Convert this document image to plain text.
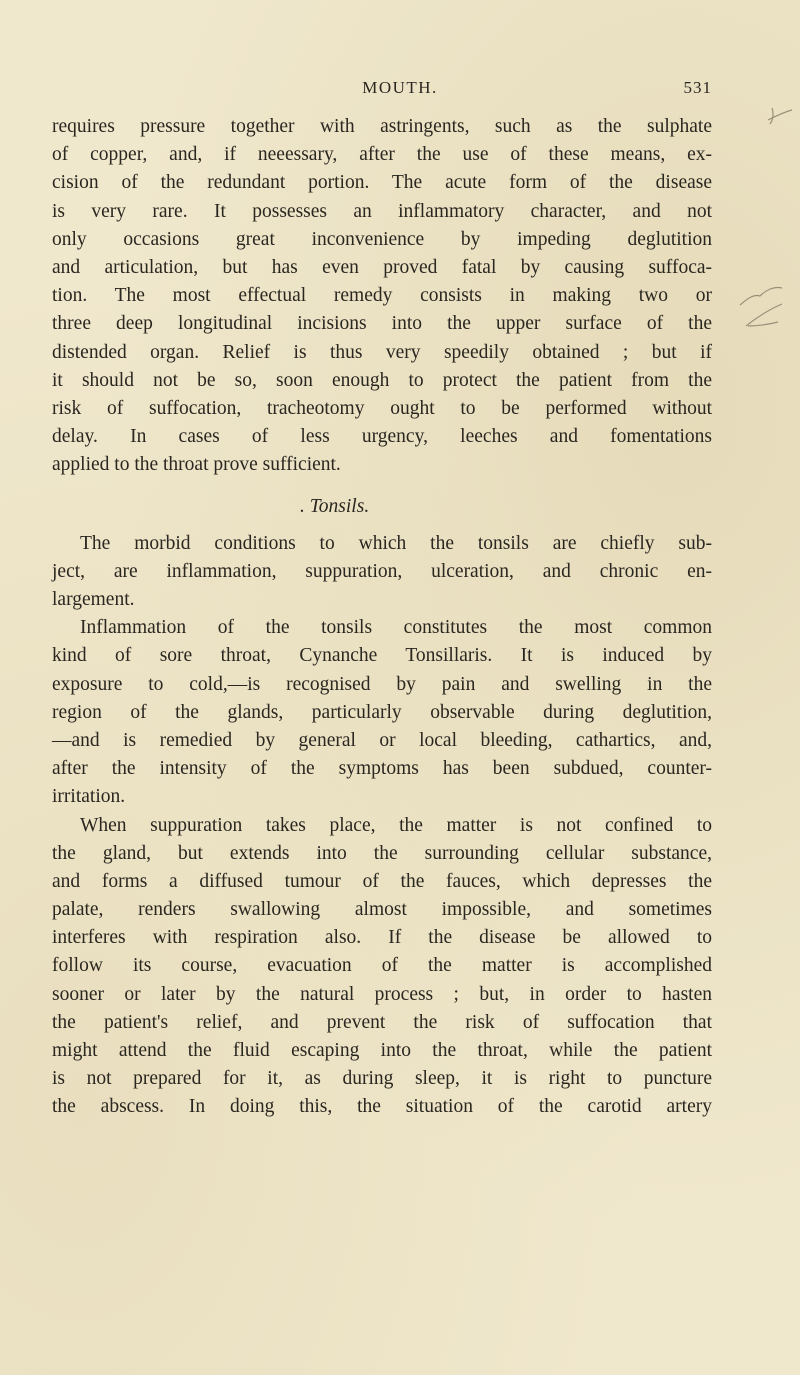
MOUTH.	531
requires pressure together with astringents, such as the sulphate
of copper, and, if neeessary, after the use of these means, ex-
cision of the redundant portion. The acute form of the disease
is very rare. It possesses an inflammatory character, and not
only occasions great inconvenience by impeding deglutition
and articulation, but has even proved fatal by causing suffoca-
tion. The most effectual remedy consists in making two or
three deep longitudinal incisions into the upper surface of the
distended organ. Relief is thus very speedily obtained ; but if
it should not be so, soon enough to protect the patient from the
risk of suffocation, tracheotomy ought to be performed without
delay. In cases of less urgency, leeches and fomentations
applied to the throat prove sufficient.
. Tonsils.
The morbid conditions to which the tonsils are chiefly sub-
ject, are inflammation, suppuration, ulceration, and chronic en-
largement.
Inflammation of the tonsils constitutes the most common
kind of sore throat, Cynanche Tonsillaris. It is induced by
exposure to cold,—is recognised by pain and swelling in the
region of the glands, particularly observable during deglutition,
—and is remedied by general or local bleeding, cathartics, and,
after the intensity of the symptoms has been subdued, counter-
irritation.
When suppuration takes place, the matter is not confined to
the gland, but extends into the surrounding cellular substance,
and forms a diffused tumour of the fauces, which depresses the
palate, renders swallowing almost impossible, and sometimes
interferes with respiration also. If the disease be allowed to
follow its course, evacuation of the matter is accomplished
sooner or later by the natural process ; but, in order to hasten
the patient's relief, and prevent the risk of suffocation that
might attend the fluid escaping into the throat, while the patient
is not prepared for it, as during sleep, it is right to puncture
the abscess. In doing this, the situation of the carotid artery
